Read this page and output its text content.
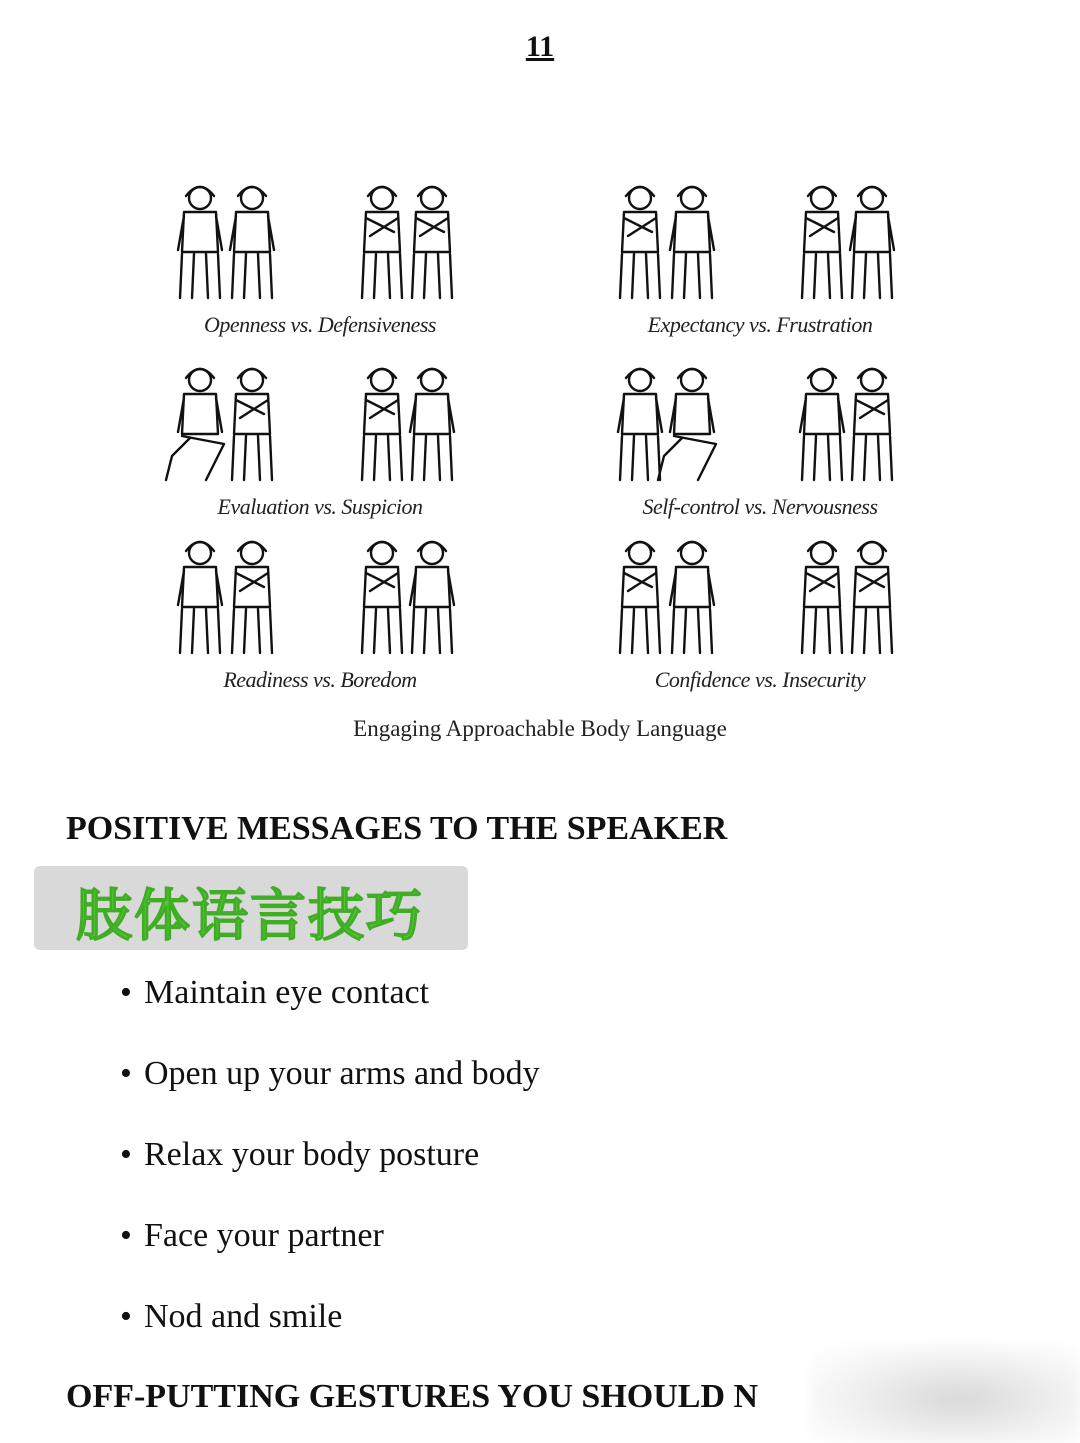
11
Openness vs. Defensiveness	Expectancy vs. Frustration
Evaluation vs. Suspicion	Self-control vs. Nervousness
Readiness vs. Boredom	Confidence vs. Insecurity
Engaging Approachable Body Language
POSITIVE MESSAGES TO THE SPEAKER
肢体语言技巧
• Maintain eye contact
• Open up your arms and body
• Relax your body posture
• Face your partner
• Nod and smile
OFF-PUTTING GESTURES YOU SHOULD N
